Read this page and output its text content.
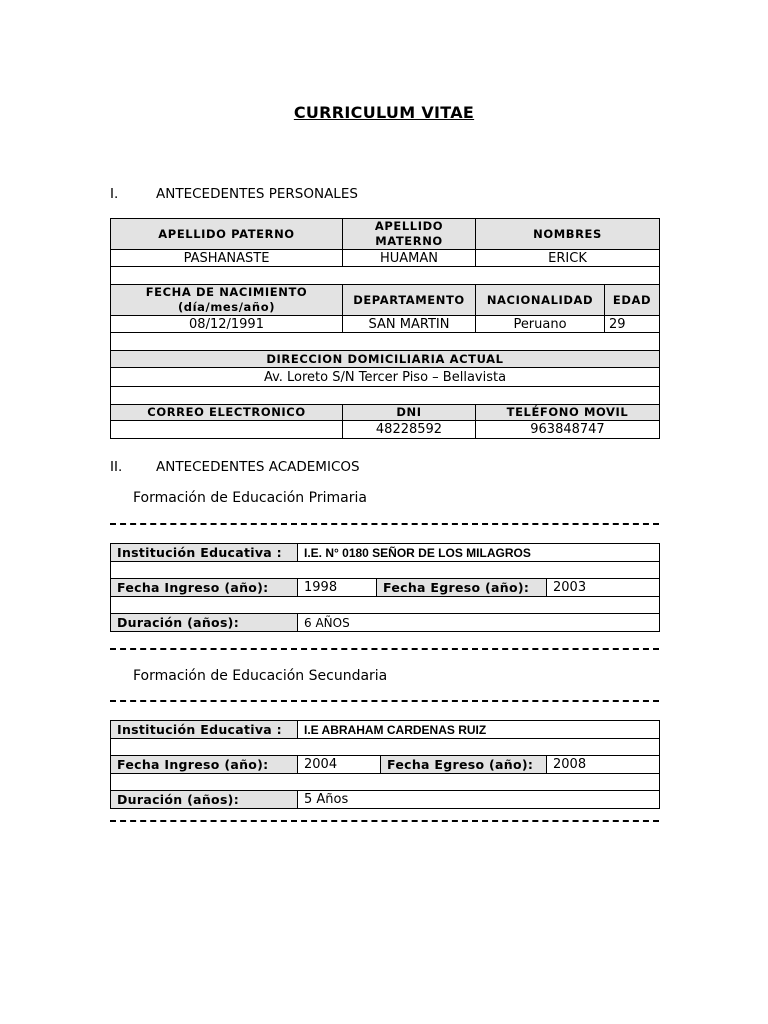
CURRICULUM VITAE
I.	ANTECEDENTES PERSONALES
APELLIDO PATERNO	APELLIDO MATERNO	NOMBRES	
PASHANASTE	HUAMAN	ERICK	

FECHA DE NACIMIENTO (día/mes/año)	DEPARTAMENTO	NACIONALIDAD	EDAD
08/12/1991	SAN MARTIN	Peruano	29

DIRECCION DOMICILIARIA ACTUAL			
Av. Loreto S/N Tercer Piso – Bellavista			

CORREO ELECTRONICO	DNI	TELÉFONO MOVIL	
	48228592	963848747	
II. ANTECEDENTES ACADEMICOS
Formación de Educación Primaria
Institución Educativa :	I.E. N° 0180 SEÑOR DE LOS MILAGROS		

Fecha Ingreso (año):	1998	Fecha Egreso (año):	2003

Duración (años):	6 AÑOS		
Formación de Educación Secundaria
Institución Educativa :	I.E ABRAHAM CARDENAS RUIZ		

Fecha Ingreso (año):	2004	Fecha Egreso (año):	2008

Duración (años):	5 Años		
